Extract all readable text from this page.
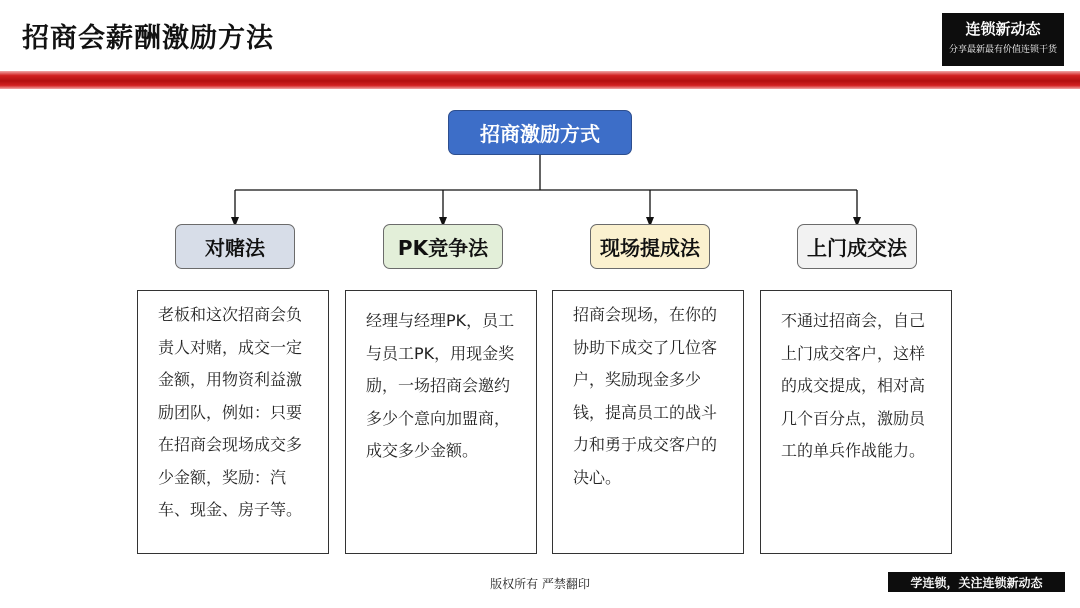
招商会薪酬激励方法	连锁新动态
分享最新最有价值连锁干货
招商激励方式
对赌法	PK竞争法	现场提成法	上门成交法
老板和这次招商会负责人对赌，成交一定金额，用物资利益激励团队，例如：只要在招商会现场成交多少金额，奖励：汽车、现金、房子等。
经理与经理PK，员工与员工PK，用现金奖励，一场招商会邀约多少个意向加盟商，成交多少金额。
招商会现场，在你的协助下成交了几位客户，奖励现金多少钱，提高员工的战斗力和勇于成交客户的决心。
不通过招商会，自己上门成交客户，这样的成交提成，相对高几个百分点，激励员工的单兵作战能力。
版权所有 严禁翻印	学连锁，关注连锁新动态
